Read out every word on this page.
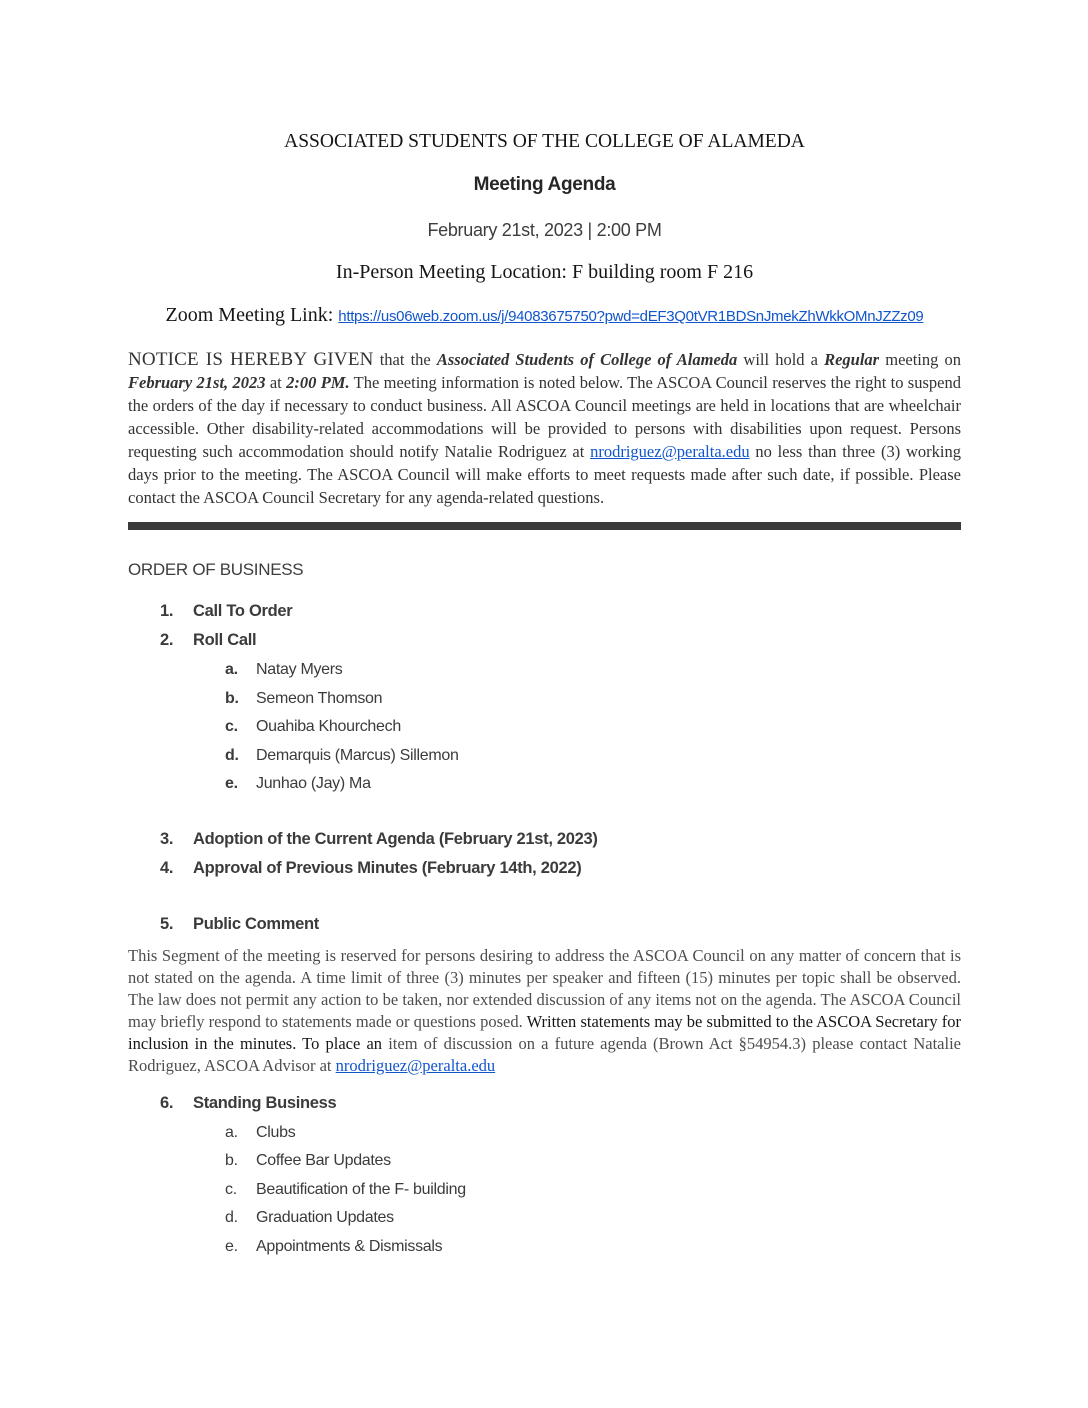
ASSOCIATED STUDENTS OF THE COLLEGE OF ALAMEDA
Meeting Agenda
February 21st, 2023 | 2:00 PM
In-Person Meeting Location: F building room F 216
Zoom Meeting Link: https://us06web.zoom.us/j/94083675750?pwd=dEF3Q0tVR1BDSnJmekZhWkkOMnJZZz09

NOTICE IS HEREBY GIVEN that the Associated Students of College of Alameda will hold a Regular meeting on February 21st, 2023 at 2:00 PM. The meeting information is noted below. The ASCOA Council reserves the right to suspend the orders of the day if necessary to conduct business. All ASCOA Council meetings are held in locations that are wheelchair accessible. Other disability-related accommodations will be provided to persons with disabilities upon request. Persons requesting such accommodation should notify Natalie Rodriguez at nrodriguez@peralta.edu no less than three (3) working days prior to the meeting. The ASCOA Council will make efforts to meet requests made after such date, if possible. Please contact the ASCOA Council Secretary for any agenda-related questions.

ORDER OF BUSINESS
1.	Call To Order
2.	Roll Call
a.	Natay Myers
b.	Semeon Thomson
c.	Ouahiba Khourchech
d.	Demarquis (Marcus) Sillemon
e.	Junhao (Jay) Ma
3.	Adoption of the Current Agenda (February 21st, 2023)
4.	Approval of Previous Minutes (February 14th, 2022)
5.	Public Comment

This Segment of the meeting is reserved for persons desiring to address the ASCOA Council on any matter of concern that is not stated on the agenda. A time limit of three (3) minutes per speaker and fifteen (15) minutes per topic shall be observed. The law does not permit any action to be taken, nor extended discussion of any items not on the agenda. The ASCOA Council may briefly respond to statements made or questions posed. Written statements may be submitted to the ASCOA Secretary for inclusion in the minutes. To place an item of discussion on a future agenda (Brown Act §54954.3) please contact Natalie Rodriguez, ASCOA Advisor at nrodriguez@peralta.edu

6.	Standing Business
a.	Clubs
b.	Coffee Bar Updates
c.	Beautification of the F- building
d.	Graduation Updates
e.	Appointments & Dismissals
